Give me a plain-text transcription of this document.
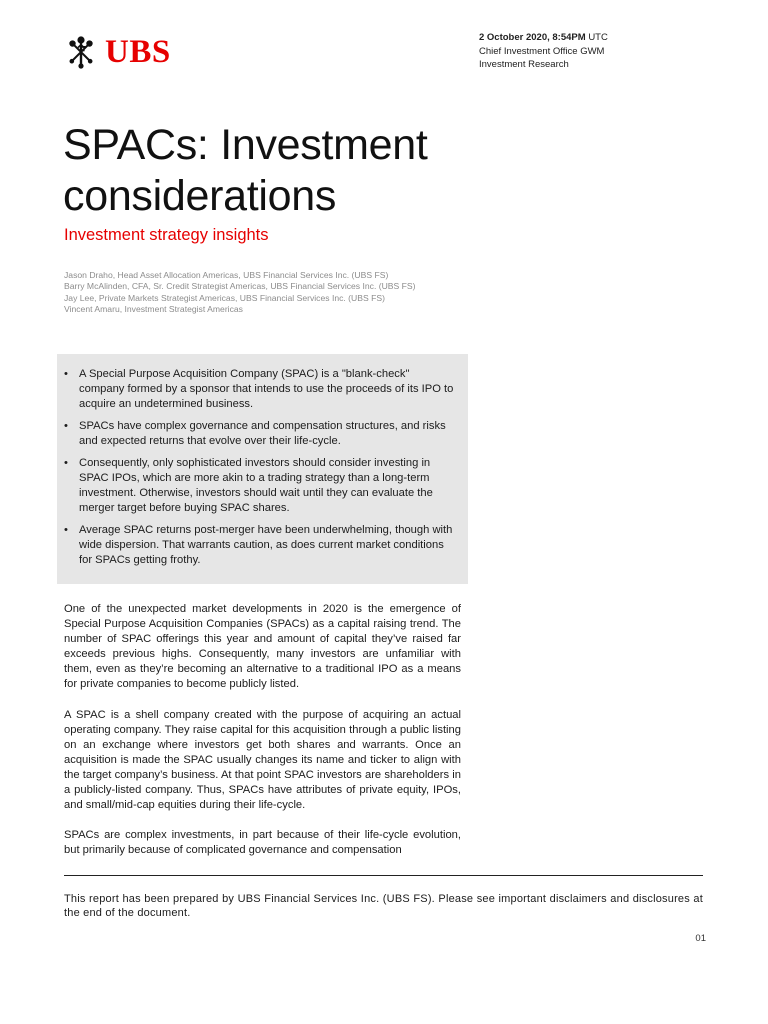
UBS	2 October 2020, 8:54PM UTC
Chief Investment Office GWM
Investment Research
SPACs: Investment considerations
Investment strategy insights
Jason Draho, Head Asset Allocation Americas, UBS Financial Services Inc. (UBS FS)
Barry McAlinden, CFA, Sr. Credit Strategist Americas, UBS Financial Services Inc. (UBS FS)
Jay Lee, Private Markets Strategist Americas, UBS Financial Services Inc. (UBS FS)
Vincent Amaru, Investment Strategist Americas
• A Special Purpose Acquisition Company (SPAC) is a "blank-check" company formed by a sponsor that intends to use the proceeds of its IPO to acquire an undetermined business.
• SPACs have complex governance and compensation structures, and risks and expected returns that evolve over their life-cycle.
• Consequently, only sophisticated investors should consider investing in SPAC IPOs, which are more akin to a trading strategy than a long-term investment. Otherwise, investors should wait until they can evaluate the merger target before buying SPAC shares.
• Average SPAC returns post-merger have been underwhelming, though with wide dispersion. That warrants caution, as does current market conditions for SPACs getting frothy.

One of the unexpected market developments in 2020 is the emergence of Special Purpose Acquisition Companies (SPACs) as a capital raising trend. The number of SPAC offerings this year and amount of capital they’ve raised far exceeds previous highs. Consequently, many investors are unfamiliar with them, even as they’re becoming an alternative to a traditional IPO as a means for private companies to become publicly listed.

A SPAC is a shell company created with the purpose of acquiring an actual operating company. They raise capital for this acquisition through a public listing on an exchange where investors get both shares and warrants. Once an acquisition is made the SPAC usually changes its name and ticker to align with the target company’s business. At that point SPAC investors are shareholders in a publicly-listed company. Thus, SPACs have attributes of private equity, IPOs, and small/mid-cap equities during their life-cycle.

SPACs are complex investments, in part because of their life-cycle evolution, but primarily because of complicated governance and compensation

This report has been prepared by UBS Financial Services Inc. (UBS FS). Please see important disclaimers and disclosures at the end of the document.

01
